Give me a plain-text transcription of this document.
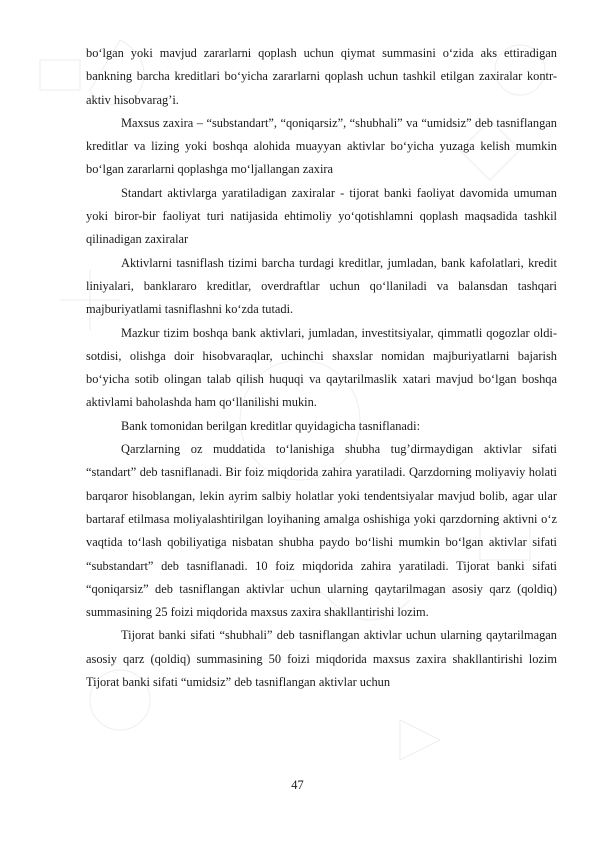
bo‘lgan yoki mavjud zararlarni qoplash uchun qiymat summasini o‘zida aks ettiradigan bankning barcha kreditlari bo‘yicha zararlarni qoplash uchun tashkil etilgan zaxiralar kontr-aktiv hisobvarag’i.

Maxsus zaxira – “substandart”, “qoniqarsiz”, “shubhali” va “umidsiz” deb tasniflangan kreditlar va lizing yoki boshqa alohida muayyan aktivlar bo‘yicha yuzaga kelish mumkin bo‘lgan zararlarni qoplashga mo‘ljallangan zaxira

Standart aktivlarga yaratiladigan zaxiralar - tijorat banki faoliyat davomida umuman yoki biror-bir faoliyat turi natijasida ehtimoliy yo‘qotishlamni qoplash maqsadida tashkil qilinadigan zaxiralar

Aktivlarni tasniflash tizimi barcha turdagi kreditlar, jumladan, bank kafolatlari, kredit liniyalari, banklararo kreditlar, overdraftlar uchun qo‘llaniladi va balansdan tashqari majburiyatlami tasniflashni ko‘zda tutadi.

Mazkur tizim boshqa bank aktivlari, jumladan, investitsiyalar, qimmatli qogozlar oldi-sotdisi, olishga doir hisobvaraqlar, uchinchi shaxslar nomidan majburiyatlarni bajarish bo‘yicha sotib olingan talab qilish huquqi va qaytarilmaslik xatari mavjud bo‘lgan boshqa aktivlami baholashda ham qo‘llanilishi mukin.

Bank tomonidan berilgan kreditlar quyidagicha tasniflanadi:

Qarzlarning oz muddatida to‘lanishiga shubha tug’dirmaydigan aktivlar sifati “standart” deb tasniflanadi. Bir foiz miqdorida zahira yaratiladi. Qarzdorning moliyaviy holati barqaror hisoblangan, lekin ayrim salbiy holatlar yoki tendentsiyalar mavjud bolib, agar ular bartaraf etilmasa moliyalashtirilgan loyihaning amalga oshishiga yoki qarzdorning aktivni o‘z vaqtida to‘lash qobiliyatiga nisbatan shubha paydo bo‘lishi mumkin bo‘lgan aktivlar sifati “substandart” deb tasniflanadi. 10 foiz miqdorida zahira yaratiladi. Tijorat banki sifati “qoniqarsiz” deb tasniflangan aktivlar uchun ularning qaytarilmagan asosiy qarz (qoldiq) summasining 25 foizi miqdorida maxsus zaxira shakllantirishi lozim.

Tijorat banki sifati “shubhali” deb tasniflangan aktivlar uchun ularning qaytarilmagan asosiy qarz (qoldiq) summasining 50 foizi miqdorida maxsus zaxira shakllantirishi lozim Tijorat banki sifati “umidsiz” deb tasniflangan aktivlar uchun

47
